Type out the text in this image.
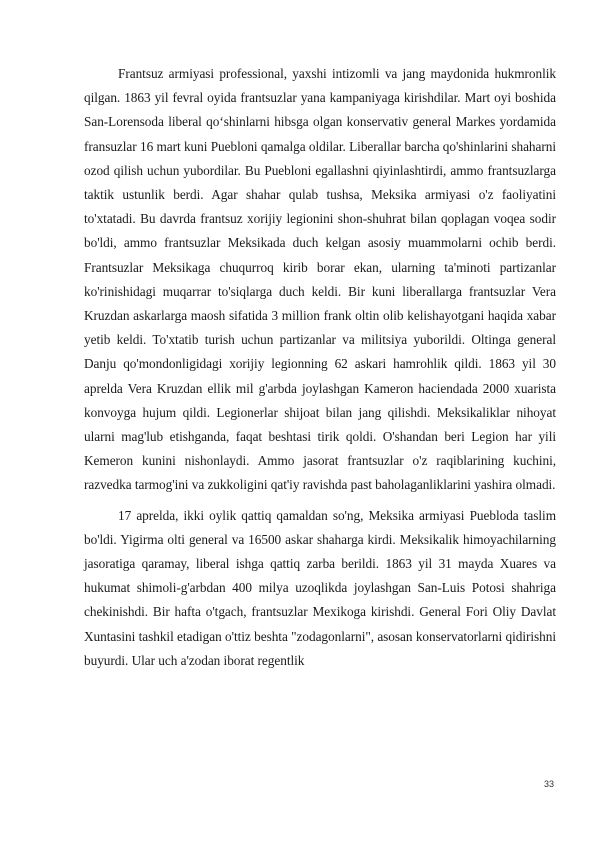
Frantsuz armiyasi professional, yaxshi intizomli va jang maydonida hukmronlik qilgan. 1863 yil fevral oyida frantsuzlar yana kampaniyaga kirishdilar. Mart oyi boshida San-Lorensoda liberal qo‘shinlarni hibsga olgan konservativ general Markes yordamida fransuzlar 16 mart kuni Puebloni qamalga oldilar. Liberallar barcha qo'shinlarini shaharni ozod qilish uchun yubordilar. Bu Puebloni egallashni qiyinlashtirdi, ammo frantsuzlarga taktik ustunlik berdi. Agar shahar qulab tushsa, Meksika armiyasi o'z faoliyatini to'xtatadi. Bu davrda frantsuz xorijiy legionini shon-shuhrat bilan qoplagan voqea sodir bo'ldi, ammo frantsuzlar Meksikada duch kelgan asosiy muammolarni ochib berdi. Frantsuzlar Meksikaga chuqurroq kirib borar ekan, ularning ta'minoti partizanlar ko'rinishidagi muqarrar to'siqlarga duch keldi. Bir kuni liberallarga frantsuzlar Vera Kruzdan askarlarga maosh sifatida 3 million frank oltin olib kelishayotgani haqida xabar yetib keldi. To'xtatib turish uchun partizanlar va militsiya yuborildi. Oltinga general Danju qo'mondonligidagi xorijiy legionning 62 askari hamrohlik qildi. 1863 yil 30 aprelda Vera Kruzdan ellik mil g'arbda joylashgan Kameron haciendada 2000 xuarista konvoyga hujum qildi. Legionerlar shijoat bilan jang qilishdi. Meksikaliklar nihoyat ularni mag'lub etishganda, faqat beshtasi tirik qoldi. O'shandan beri Legion har yili Kemeron kunini nishonlaydi. Ammo jasorat frantsuzlar o'z raqiblarining kuchini, razvedka tarmog'ini va zukkoligini qat'iy ravishda past baholaganliklarini yashira olmadi.

17 aprelda, ikki oylik qattiq qamaldan so'ng, Meksika armiyasi Puebloda taslim bo'ldi. Yigirma olti general va 16500 askar shaharga kirdi. Meksikalik himoyachilarning jasoratiga qaramay, liberal ishga qattiq zarba berildi. 1863 yil 31 mayda Xuares va hukumat shimoli-g'arbdan 400 milya uzoqlikda joylashgan San-Luis Potosi shahriga chekinishdi. Bir hafta o'tgach, frantsuzlar Mexikoga kirishdi. General Fori Oliy Davlat Xuntasini tashkil etadigan o'ttiz beshta "zodagonlarni", asosan konservatorlarni qidirishni buyurdi. Ular uch a'zodan iborat regentlik

33
